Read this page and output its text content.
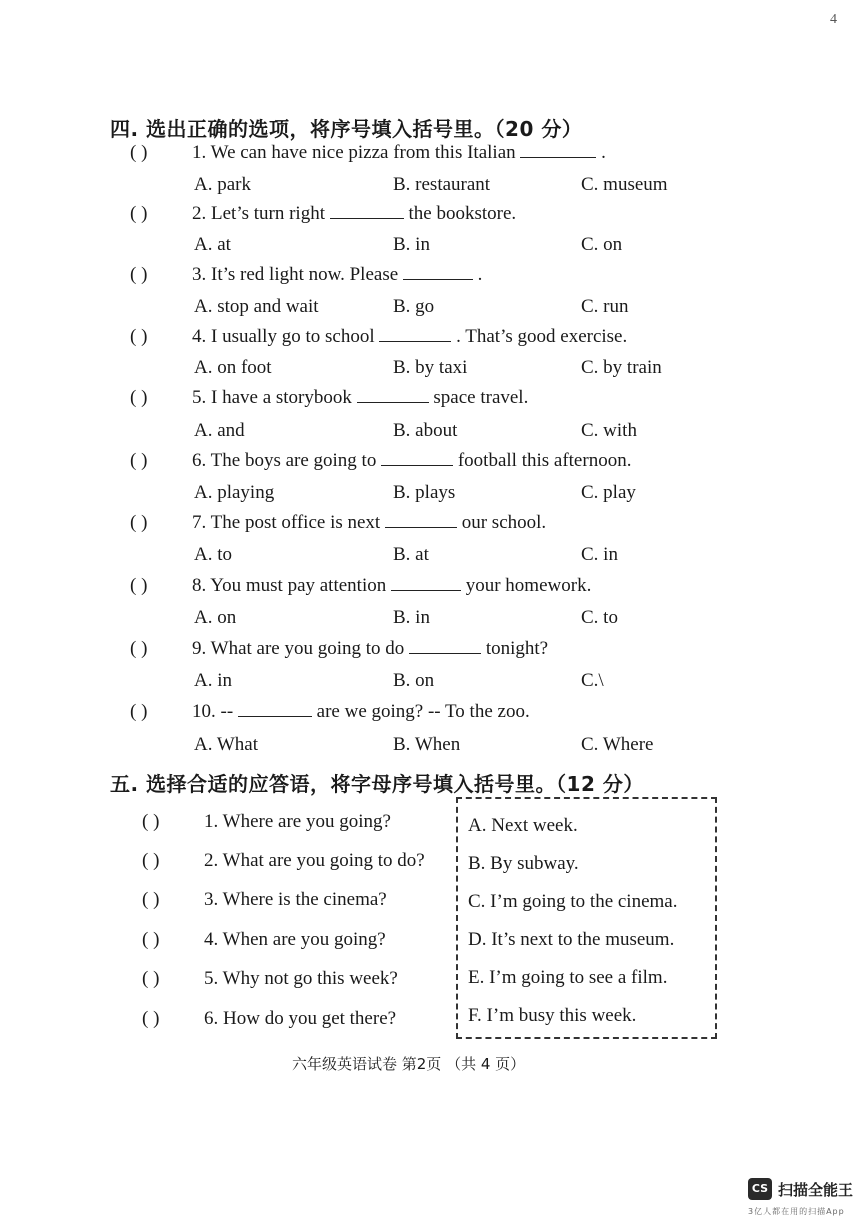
4
四. 选出正确的选项，将序号填入括号里。（20 分）
( ) 1. We can have nice pizza from this Italian	.
A. park	B. restaurant	C. museum
( ) 2. Let’s turn right	the bookstore.
A. at	B. in	C. on
( ) 3. It’s red light now. Please	.
A. stop and wait	B. go	C. run
( ) 4. I usually go to school	. That’s good exercise.
A. on foot	B. by taxi	C. by train
( ) 5. I have a storybook	space travel.
A. and	B. about	C. with
( ) 6. The boys are going to	football this afternoon.
A. playing	B. plays	C. play
( ) 7. The post office is next	our school.
A. to	B. at	C. in
( ) 8. You must pay attention	your homework.
A. on	B. in	C. to
( ) 9. What are you going to do	tonight?
A. in	B. on	C.\
( ) 10. --	are we going? -- To the zoo.
A. What	B. When	C. Where
五. 选择合适的应答语，将字母序号填入括号里。（12 分）
( ) 1. Where are you going?
( ) 2. What are you going to do?
( ) 3. Where is the cinema?
( ) 4. When are you going?
( ) 5. Why not go this week?
( ) 6. How do you get there?
A. Next week.
B. By subway.
C. I’m going to the cinema.
D. It’s next to the museum.
E. I’m going to see a film.
F. I’m busy this week.
六年级英语试卷 第2页 （共 4 页）
CS 扫描全能王
3亿人都在用的扫描App
